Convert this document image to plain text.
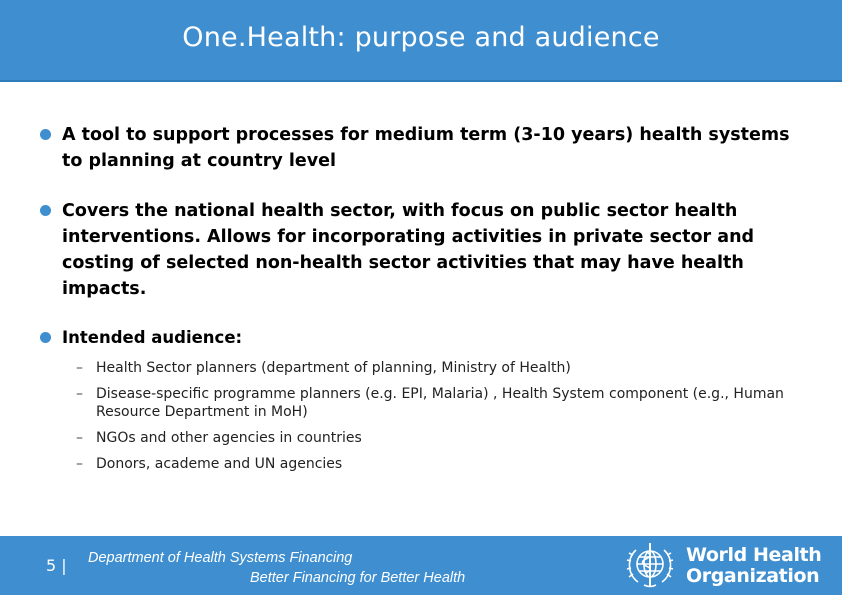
One.Health: purpose and audience
A tool to support processes for medium term (3-10 years) health systems to planning at country level
Covers the national health sector, with focus on public sector health interventions. Allows for incorporating activities in private sector and costing of selected non-health sector activities that may have health impacts.
Intended audience:
– Health Sector planners (department of planning, Ministry of Health)
– Disease-specific programme planners (e.g. EPI, Malaria) , Health System component (e.g., Human Resource Department in MoH)
– NGOs and other agencies in countries
– Donors, academe and UN agencies
5 | Department of Health Systems Financing
Better Financing for Better Health
World Health
Organization
